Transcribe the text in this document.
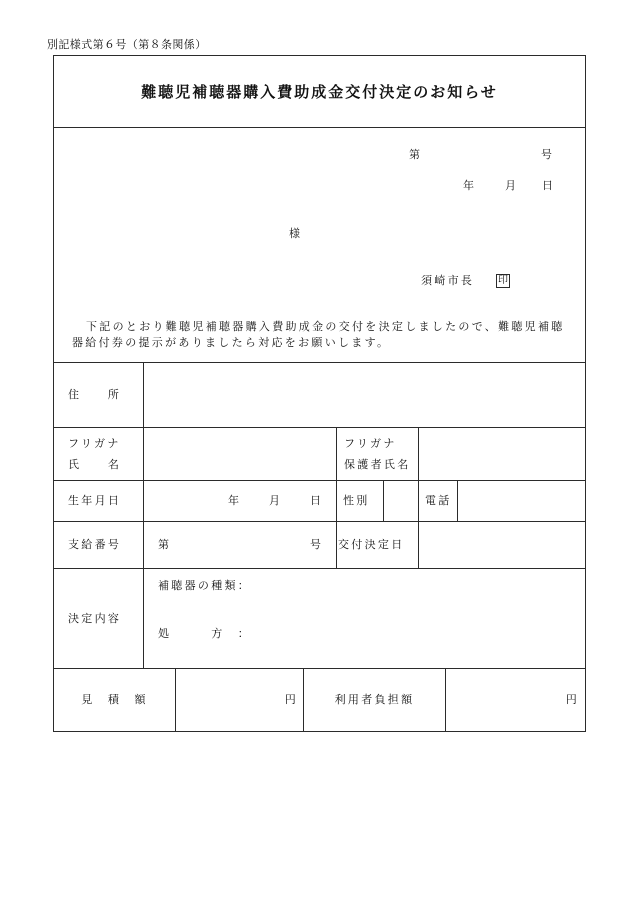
別記様式第６号（第８条関係）
難聴児補聴器購入費助成金交付決定のお知らせ
第	号
年	月 日
様
須崎市長 印
下記のとおり難聴児補聴器購入費助成金の交付を決定しましたので、難聴児補聴
器給付券の提示がありましたら対応をお願いします。
住　　所
フリガナ
氏　　名
フリガナ
保護者氏名
生年月日	年	月	日 性別	電話
支給番号	第	号 交付決定日
決定内容
補聴器の種類：
処　　　方　：
見　積　額	円	利用者負担額	円
